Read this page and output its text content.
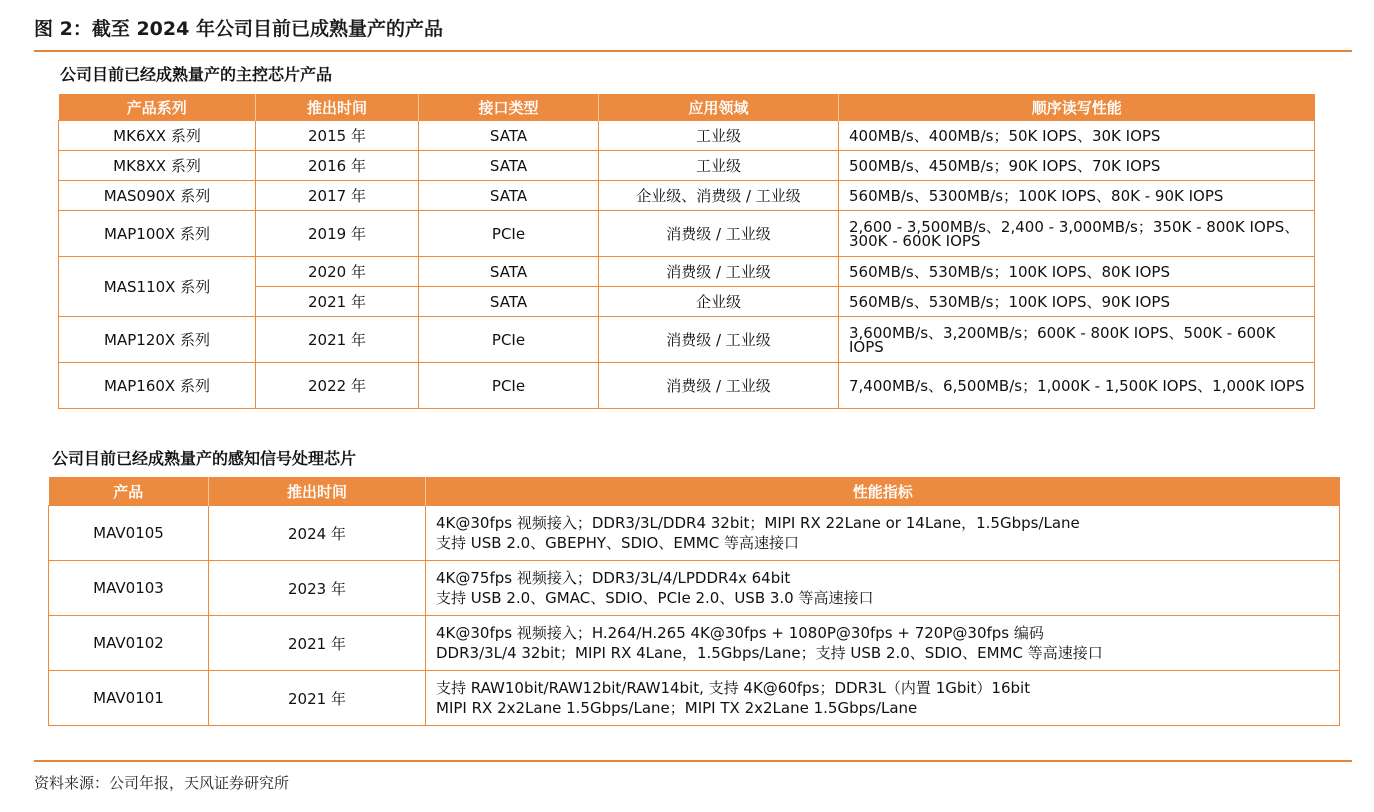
图 2：截至 2024 年公司目前已成熟量产的产品
公司目前已经成熟量产的主控芯片产品
产品系列	推出时间	接口类型	应用领域	顺序读写性能
MK6XX 系列	2015 年	SATA	工业级	400MB/s、400MB/s；50K IOPS、30K IOPS
MK8XX 系列	2016 年	SATA	工业级	500MB/s、450MB/s；90K IOPS、70K IOPS
MAS090X 系列	2017 年	SATA	企业级、消费级 / 工业级	560MB/s、5300MB/s；100K IOPS、80K - 90K IOPS
MAP100X 系列	2019 年	PCIe	消费级 / 工业级	2,600 - 3,500MB/s、2,400 - 3,000MB/s；350K - 800K IOPS、300K - 600K IOPS
MAS110X 系列	2020 年	SATA	消费级 / 工业级	560MB/s、530MB/s；100K IOPS、80K IOPS
	2021 年	SATA	企业级	560MB/s、530MB/s；100K IOPS、90K IOPS
MAP120X 系列	2021 年	PCIe	消费级 / 工业级	3,600MB/s、3,200MB/s；600K - 800K IOPS、500K - 600K IOPS
MAP160X 系列	2022 年	PCIe	消费级 / 工业级	7,400MB/s、6,500MB/s；1,000K - 1,500K IOPS、1,000K IOPS
公司目前已经成熟量产的感知信号处理芯片
产品	推出时间	性能指标
MAV0105	2024 年	4K@30fps 视频接入；DDR3/3L/DDR4 32bit；MIPI RX 22Lane or 14Lane，1.5Gbps/Lane
支持 USB 2.0、GBEPHY、SDIO、EMMC 等高速接口

MAV0103	2023 年	4K@75fps 视频接入；DDR3/3L/4/LPDDR4x 64bit
支持 USB 2.0、GMAC、SDIO、PCIe 2.0、USB 3.0 等高速接口

MAV0102	2021 年	4K@30fps 视频接入；H.264/H.265 4K@30fps + 1080P@30fps + 720P@30fps 编码
DDR3/3L/4 32bit；MIPI RX 4Lane，1.5Gbps/Lane；支持 USB 2.0、SDIO、EMMC 等高速接口

MAV0101	2021 年	支持 RAW10bit/RAW12bit/RAW14bit, 支持 4K@60fps；DDR3L（内置 1Gbit）16bit
MIPI RX 2x2Lane 1.5Gbps/Lane；MIPI TX 2x2Lane 1.5Gbps/Lane
资料来源：公司年报，天风证券研究所
